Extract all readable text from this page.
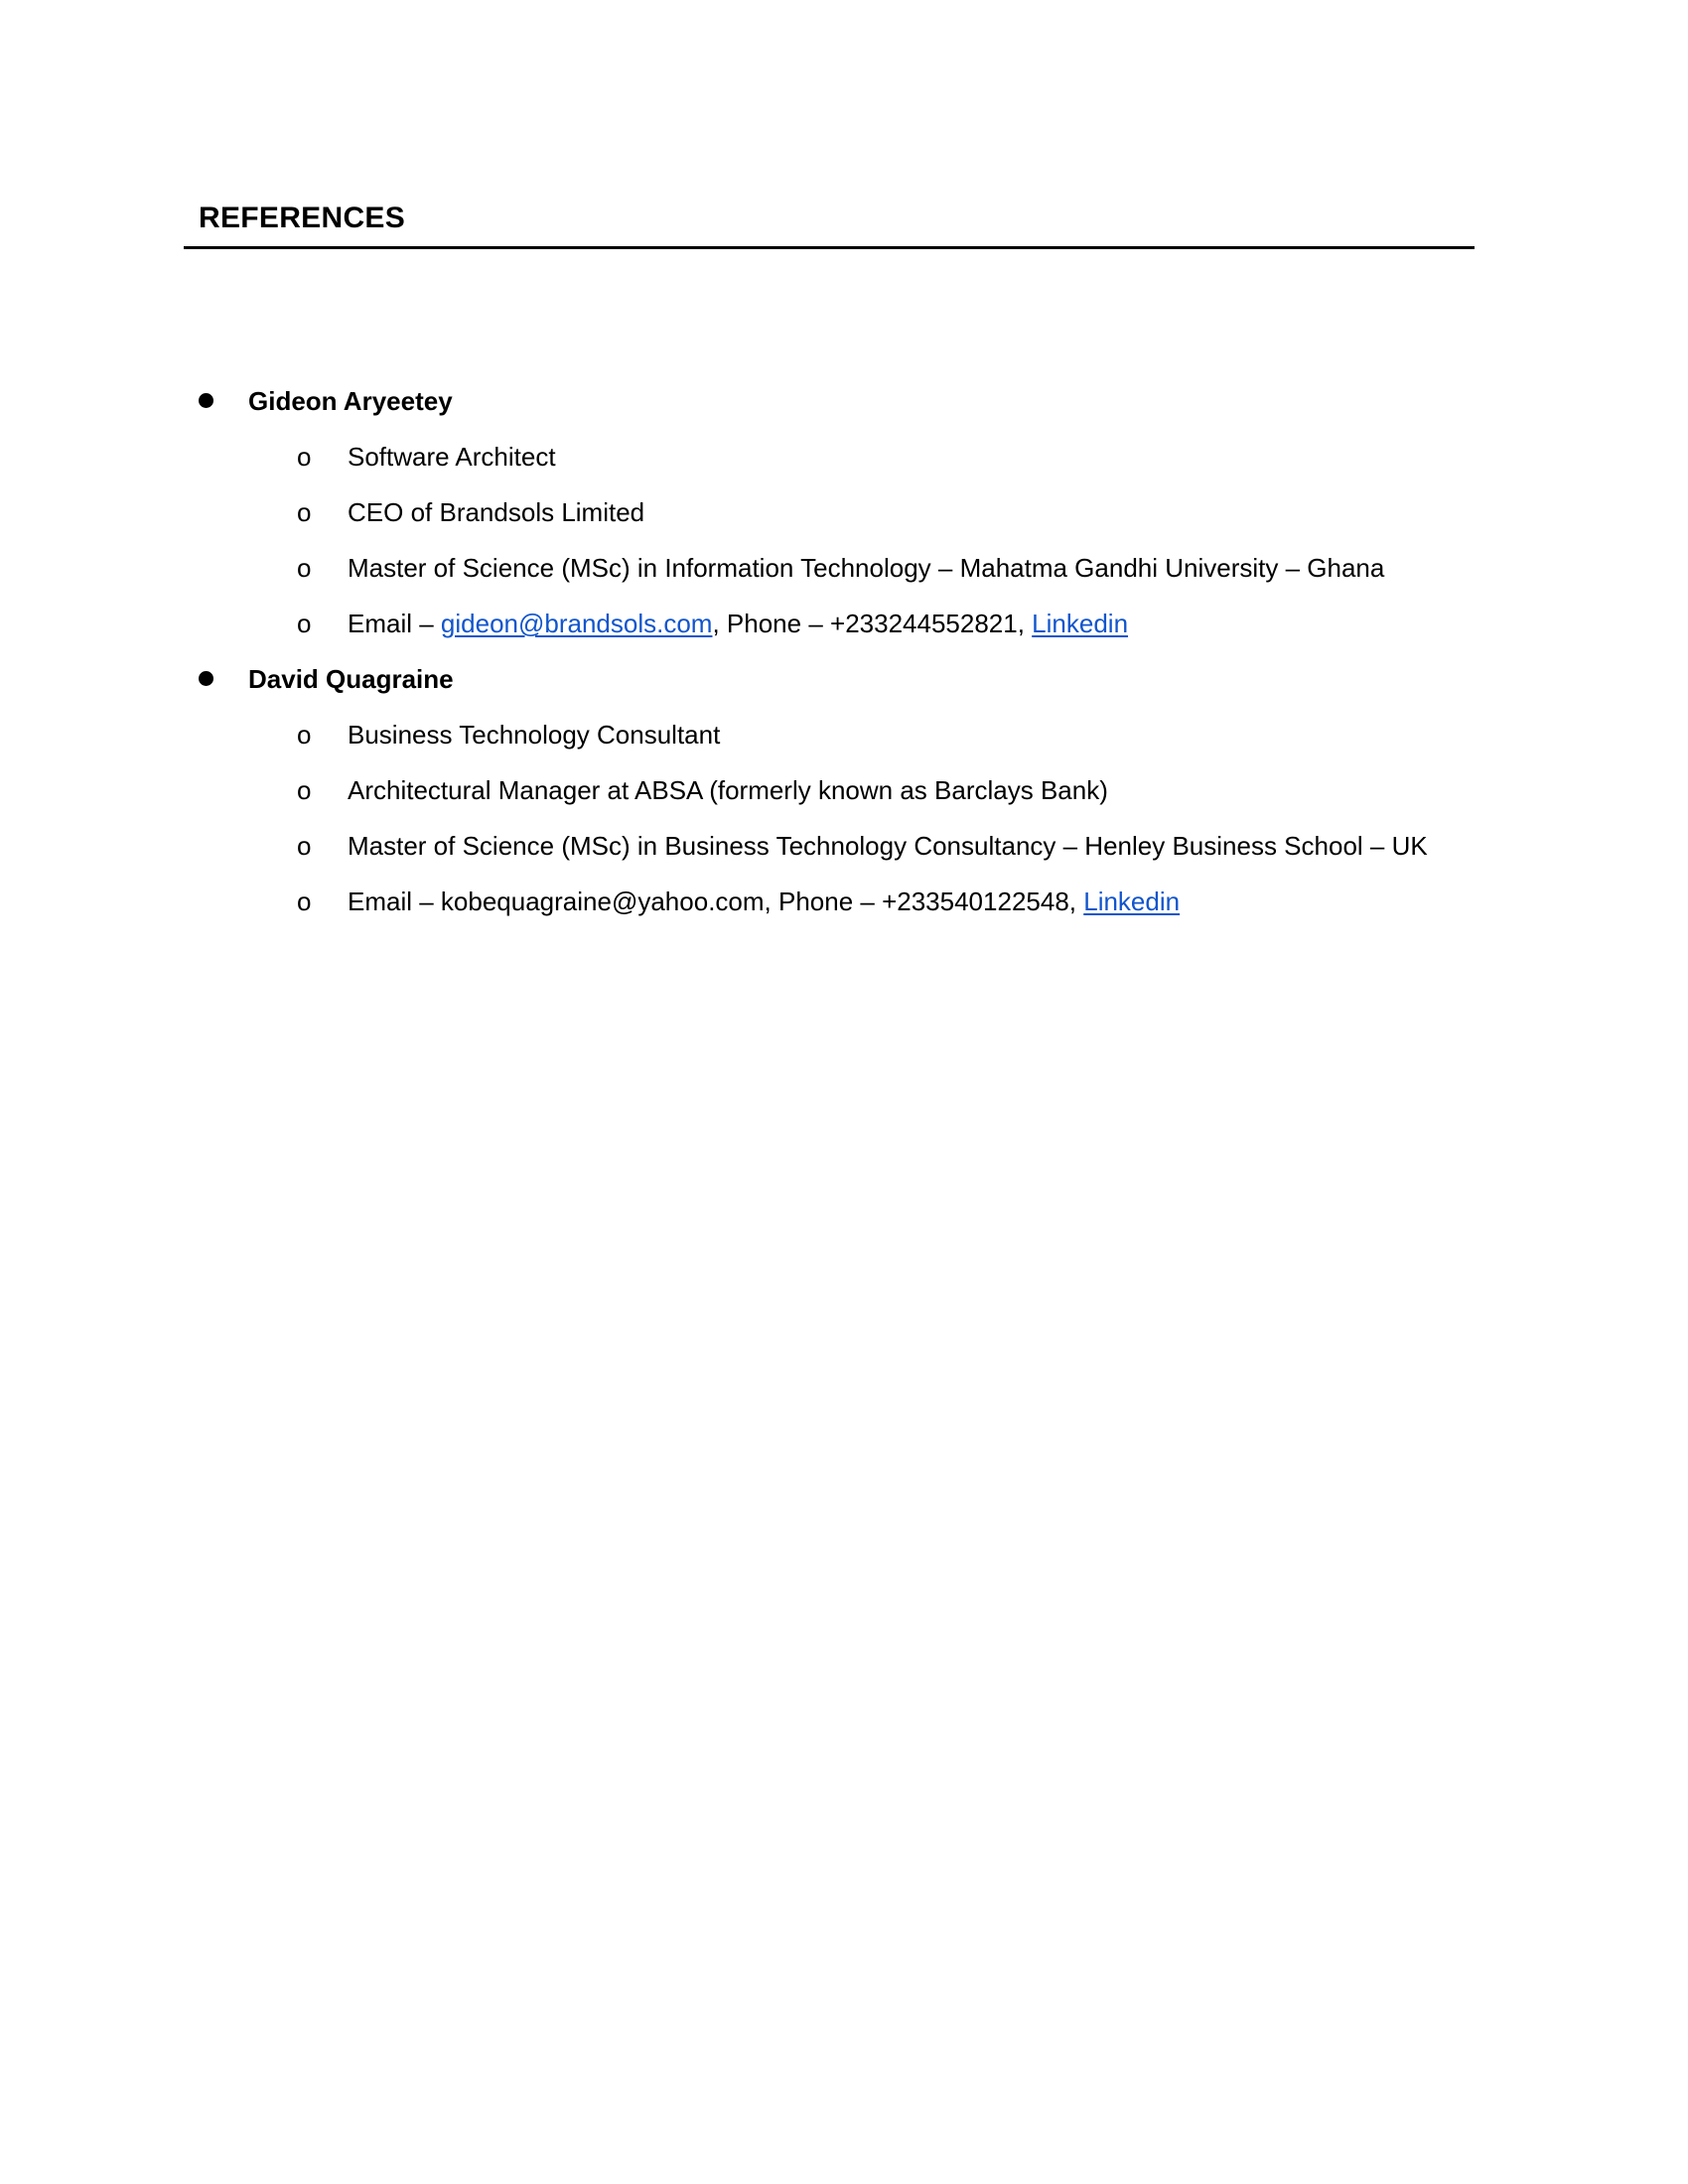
REFERENCES
Gideon Aryeetey
o Software Architect
o CEO of Brandsols Limited
o Master of Science (MSc) in Information Technology – Mahatma Gandhi University – Ghana
o Email – gideon@brandsols.com, Phone – +233244552821, Linkedin
David Quagraine
o Business Technology Consultant
o Architectural Manager at ABSA (formerly known as Barclays Bank)
o Master of Science (MSc) in Business Technology Consultancy – Henley Business School – UK
o Email – kobequagraine@yahoo.com, Phone – +233540122548, Linkedin
